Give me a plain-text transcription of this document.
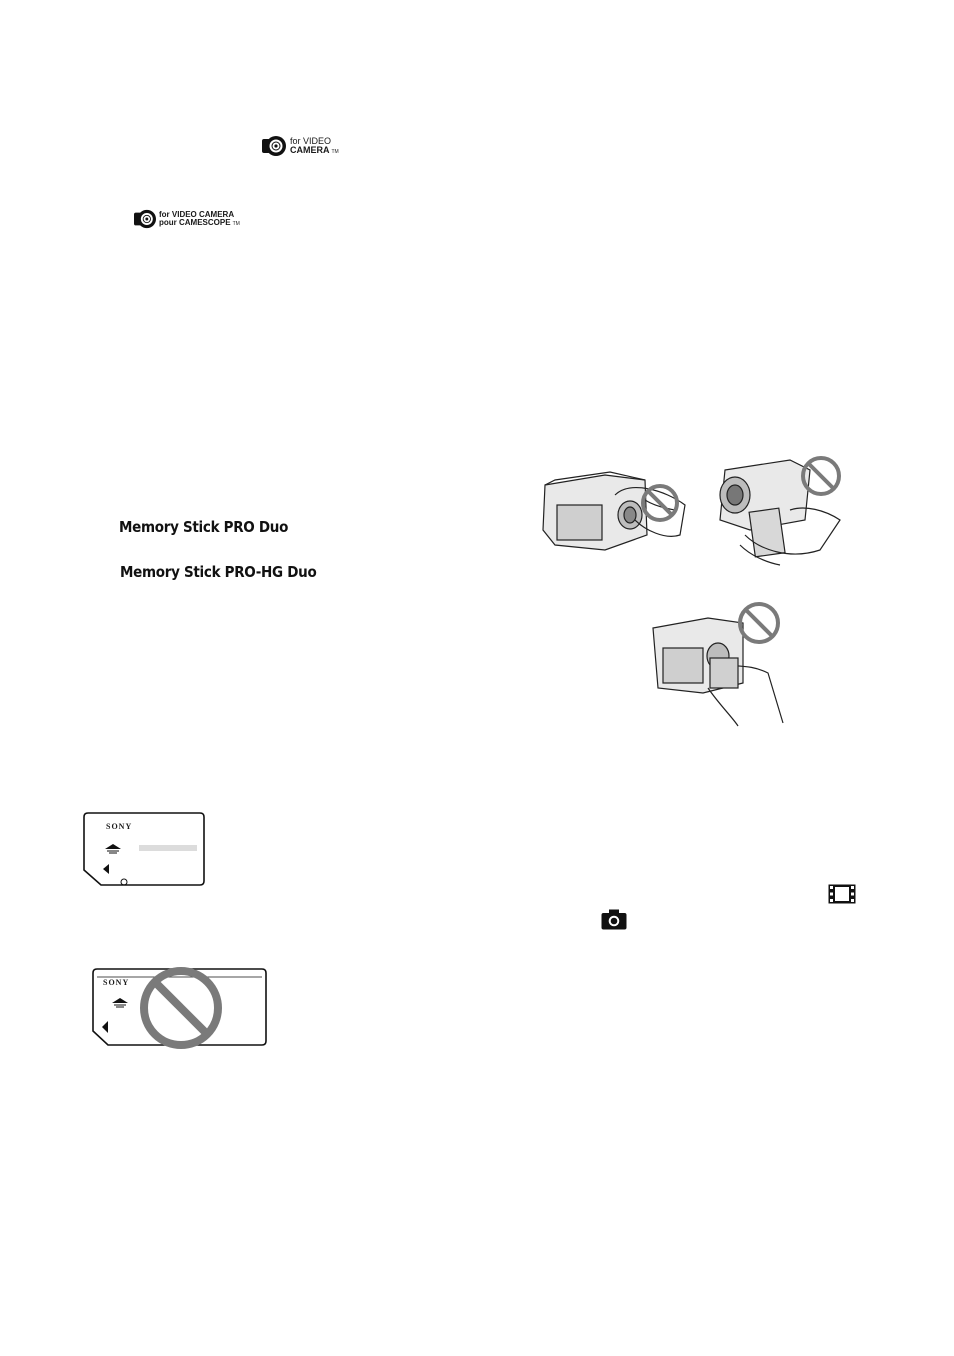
for VIDEO
CAMERA TM
for VIDEO CAMERA
pour CAMESCOPE TM
Memory Stick PRO Duo
Memory Stick PRO-HG Duo
SONY
SONY
